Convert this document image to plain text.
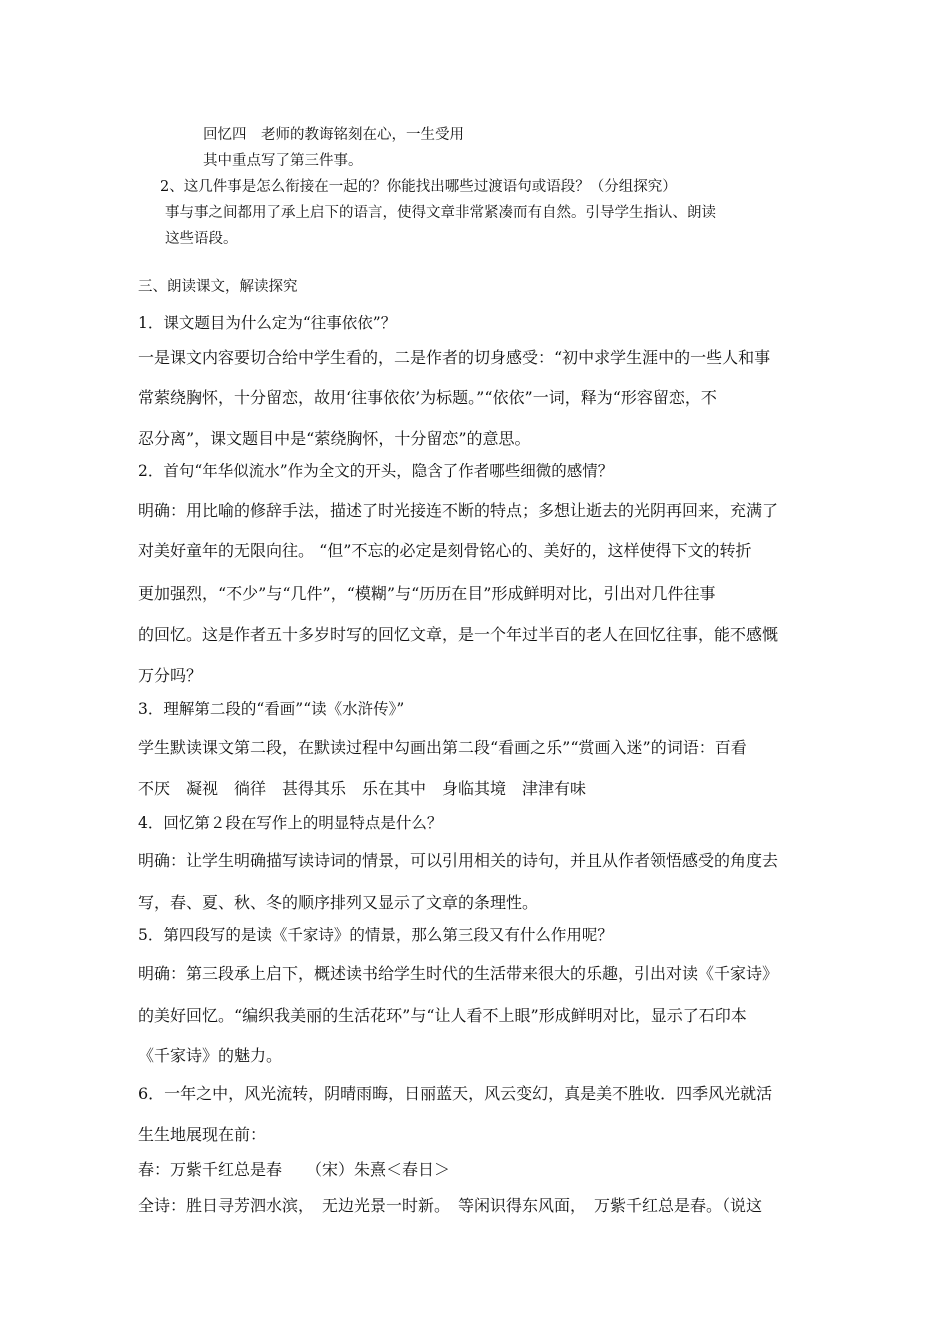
回忆四　老师的教诲铭刻在心，一生受用
其中重点写了第三件事。
2、这几件事是怎么衔接在一起的？你能找出哪些过渡语句或语段？（分组探究）
事与事之间都用了承上启下的语言，使得文章非常紧凑而有自然。引导学生指认、朗读
这些语段。
三、朗读课文，解读探究
1．课文题目为什么定为“往事依依”？
一是课文内容要切合给中学生看的，二是作者的切身感受：“初中求学生涯中的一些人和事
常萦绕胸怀，十分留恋，故用‘往事依依’为标题。”“依依”一词，释为“形容留恋，不
忍分离”，课文题目中是“萦绕胸怀，十分留恋”的意思。
2．首句“年华似流水”作为全文的开头，隐含了作者哪些细微的感情？
明确：用比喻的修辞手法，描述了时光接连不断的特点；多想让逝去的光阴再回来，充满了
对美好童年的无限向往。 “但”不忘的必定是刻骨铭心的、美好的，这样使得下文的转折
更加强烈，“不少”与“几件”，“模糊”与“历历在目”形成鲜明对比，引出对几件往事
的回忆。这是作者五十多岁时写的回忆文章，是一个年过半百的老人在回忆往事，能不感慨
万分吗？
3．理解第二段的“看画”“读《水浒传》”
学生默读课文第二段，在默读过程中勾画出第二段“看画之乐”“赏画入迷”的词语：百看
不厌　凝视　徜徉　甚得其乐　乐在其中　身临其境　津津有味
4．回忆第２段在写作上的明显特点是什么？
明确：让学生明确描写读诗词的情景，可以引用相关的诗句，并且从作者领悟感受的角度去
写，春、夏、秋、冬的顺序排列又显示了文章的条理性。
5．第四段写的是读《千家诗》的情景，那么第三段又有什么作用呢？
明确：第三段承上启下，概述读书给学生时代的生活带来很大的乐趣，引出对读《千家诗》
的美好回忆。“编织我美丽的生活花环”与“让人看不上眼”形成鲜明对比，显示了石印本
《千家诗》的魅力。
6．一年之中，风光流转，阴晴雨晦，日丽蓝天，风云变幻，真是美不胜收．四季风光就活
生生地展现在前：
春：万紫千红总是春　　（宋）朱熹＜春日＞
全诗：胜日寻芳泗水滨，　无边光景一时新。　等闲识得东风面，　万紫千红总是春。（说这
